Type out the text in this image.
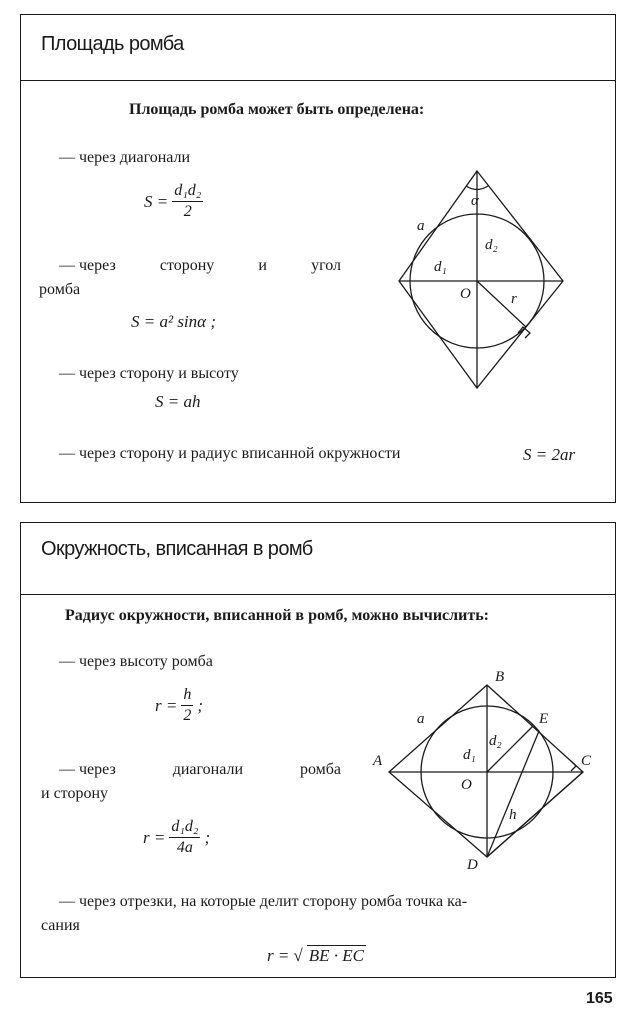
Площадь ромба
Площадь ромба может быть определена:
— через диагонали
$S = \frac{\text{d₁d₂}}{2}$
— через	сторону	и	угол
ромба
S = a² sinα ;
— через сторону и высоту
S = ah
— через сторону и радиус вписанной окружности	S = 2ar
α
a
d₂
d₁
O	r
Окружность, вписанная в ромб
Радиус окружности, вписанной в ромб, можно вычислить:
— через высоту ромба
$r = \frac{h}{2}$ ;
— через	диагонали	ромба
и сторону
$r = \frac{\text{d₁d₂}}{4a}$ ;
— через отрезки, на которые делит сторону ромба точка ка-
сания
r = √ BE · EC
B
a	E
A
d₂
d₁	C
O
h
D
165
